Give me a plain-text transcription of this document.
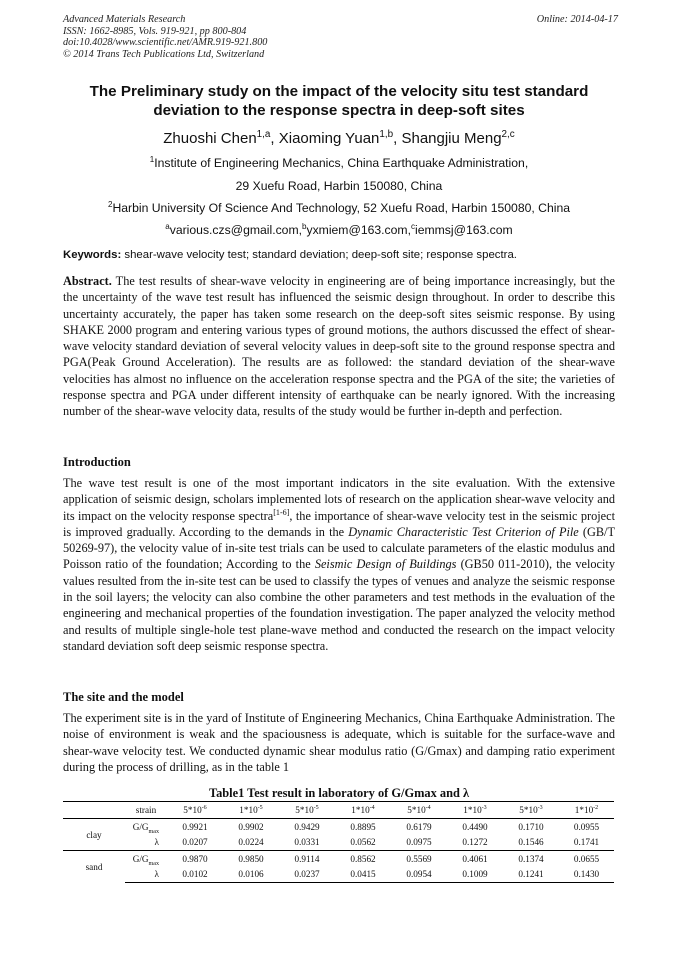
Advanced Materials Research
ISSN: 1662-8985, Vols. 919-921, pp 800-804
doi:10.4028/www.scientific.net/AMR.919-921.800
© 2014 Trans Tech Publications Ltd, Switzerland
Online: 2014-04-17
The Preliminary study on the impact of the velocity situ test standard
deviation to the response spectra in deep-soft sites
Zhuoshi Chen$^{1,a}$, Xiaoming Yuan$^{1,b}$, Shangjiu Meng$^{2,c}$
$^1$Institute of Engineering Mechanics, China Earthquake Administration,
29 Xuefu Road, Harbin 150080, China
$^2$Harbin University Of Science And Technology, 52 Xuefu Road, Harbin 150080, China
$^a$various.czs@gmail.com,$^b$yxmiem@163.com,$^c$iemmsj@163.com
Keywords: shear-wave velocity test; standard deviation; deep-soft site; response spectra.
Abstract. The test results of shear-wave velocity in engineering are of being importance increasingly, but the the uncertainty of the wave test result has influenced the seismic design throughout. In order to describe this uncertainty accurately, the paper has taken some research on the deep-soft sites seismic response. By using SHAKE 2000 program and entering various types of ground motions, the authors discussed the effect of shear-wave velocity standard deviation of several velocity values in deep-soft site to the ground response spectra and PGA(Peak Ground Acceleration). The results are as followed: the standard deviation of the shear-wave velocities has almost no influence on the acceleration response spectra and the PGA of the site; the varieties of response spectra and PGA under different intensity of earthquake can be nearly ignored. With the increasing number of the shear-wave velocity data, results of the study would be further in-depth and perfection.
Introduction
The wave test result is one of the most important indicators in the site evaluation. With the extensive application of seismic design, scholars implemented lots of research on the application shear-wave velocity and its impact on the velocity response spectra[1-6], the importance of shear-wave velocity test in the seismic project is improved gradually. According to the demands in the Dynamic Characteristic Test Criterion of Pile (GB/T 50269-97), the velocity value of in-site test trials can be used to calculate parameters of the elastic modulus and Poisson ratio of the foundation; According to the Seismic Design of Buildings (GB50 011-2010), the velocity values resulted from the in-site test can be used to classify the types of venues and analyze the seismic response in the soil layers; the velocity can also combine the other parameters and test methods in the evaluation of the engineering and mechanical properties of the foundation investigation. The paper analyzed the velocity method and results of multiple single-hole test plane-wave method and conducted the research on the impact velocity standard deviation soft deep seismic response spectra.
The site and the model
The experiment site is in the yard of Institute of Engineering Mechanics, China Earthquake Administration. The noise of environment is weak and the spaciousness is adequate, which is suitable for the surface-wave and shear-wave velocity test. We conducted dynamic shear modulus ratio (G/Gmax) and damping ratio experiment during the process of drilling, as in the table 1
Table1 Test result in laboratory of G/Gmax and λ
	strain	$5*10^{-6}$	$1*10^{-5}$	$5*10^{-5}$	$1*10^{-4}$	$5*10^{-4}$	$1*10^{-3}$	$5*10^{-3}$	$1*10^{-2}$
clay	$G/G_{max}$	0.9921	0.9902	0.9429	0.8895	0.6179	0.4490	0.1710	0.0955
	λ	0.0207	0.0224	0.0331	0.0562	0.0975	0.1272	0.1546	0.1741
sand	$G/G_{max}$	0.9870	0.9850	0.9114	0.8562	0.5569	0.4061	0.1374	0.0655
	λ	0.0102	0.0106	0.0237	0.0415	0.0954	0.1009	0.1241	0.1430
